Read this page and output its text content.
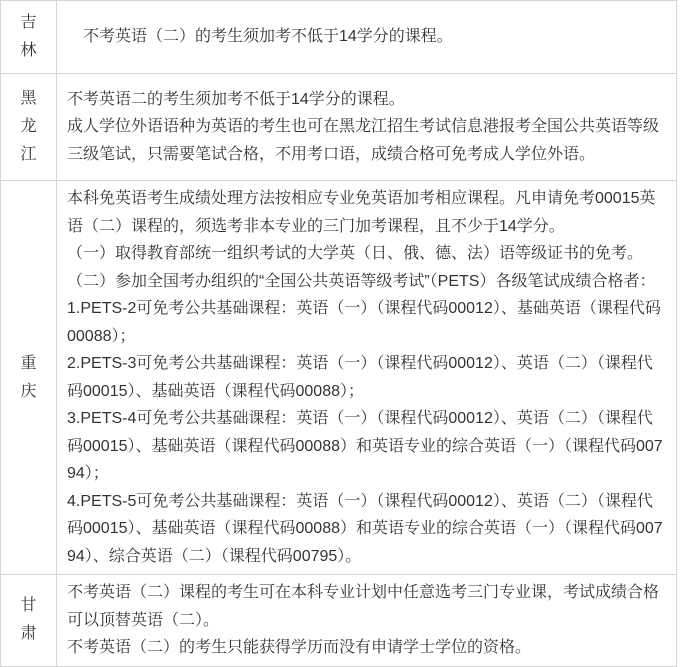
吉林

　不考英语（二）的考生须加考不低于14学分的课程。

黑龙江

不考英语二的考生须加考不低于14学分的课程。

成人学位外语语种为英语的考生也可在黑龙江招生考试信息港报考全国公共英语等级三级笔试，只需要笔试合格，不用考口语，成绩合格可免考成人学位外语。

重庆

本科免英语考生成绩处理方法按相应专业免英语加考相应课程。凡申请免考00015英语（二）课程的，须选考非本专业的三门加考课程，且不少于14学分。

（一）取得教育部统一组织考试的大学英（日、俄、德、法）语等级证书的免考。

（二）参加全国考办组织的“全国公共英语等级考试”（PETS）各级笔试成绩合格者：

1.PETS-2可免考公共基础课程：英语（一）（课程代码00012）、基础英语（课程代码00088）；

2.PETS-3可免考公共基础课程：英语（一）（课程代码00012）、英语（二）（课程代码00015）、基础英语（课程代码00088）；

3.PETS-4可免考公共基础课程：英语（一）（课程代码00012）、英语（二）（课程代码00015）、基础英语（课程代码00088）和英语专业的综合英语（一）（课程代码00794）；

4.PETS-5可免考公共基础课程：英语（一）（课程代码00012）、英语（二）（课程代码00015）、基础英语（课程代码00088）和英语专业的综合英语（一）（课程代码00794）、综合英语（二）（课程代码00795）。

甘肃

不考英语（二）课程的考生可在本科专业计划中任意选考三门专业课，考试成绩合格可以顶替英语（二）。

不考英语（二）的考生只能获得学历而没有申请学士学位的资格。
